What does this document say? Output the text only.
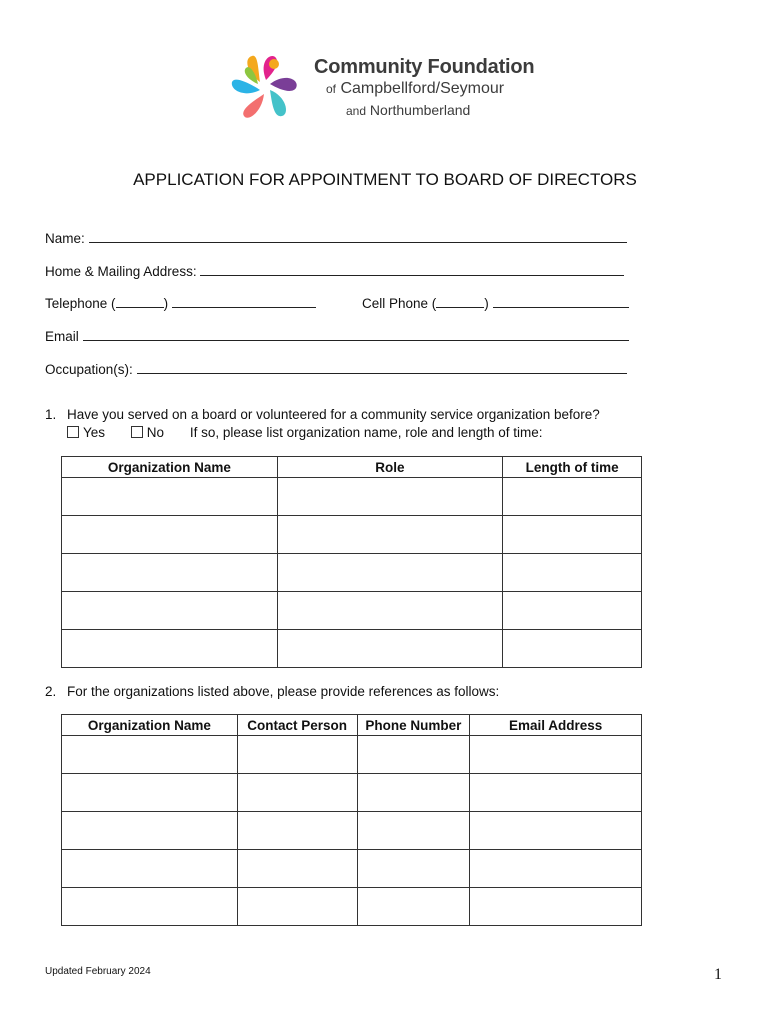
Community Foundation
of Campbellford/Seymour
and Northumberland
APPLICATION FOR APPOINTMENT TO BOARD OF DIRECTORS
Name:
Home & Mailing Address:
Telephone (	)	Cell Phone (	)
Email
Occupation(s):
1. Have you served on a board or volunteered for a community service organization before?
Yes	No If so, please list organization name, role and length of time:
Organization Name	Role	Length of time

2. For the organizations listed above, please provide references as follows:
Organization Name	Contact Person	Phone Number	Email Address

Updated February 2024	1
